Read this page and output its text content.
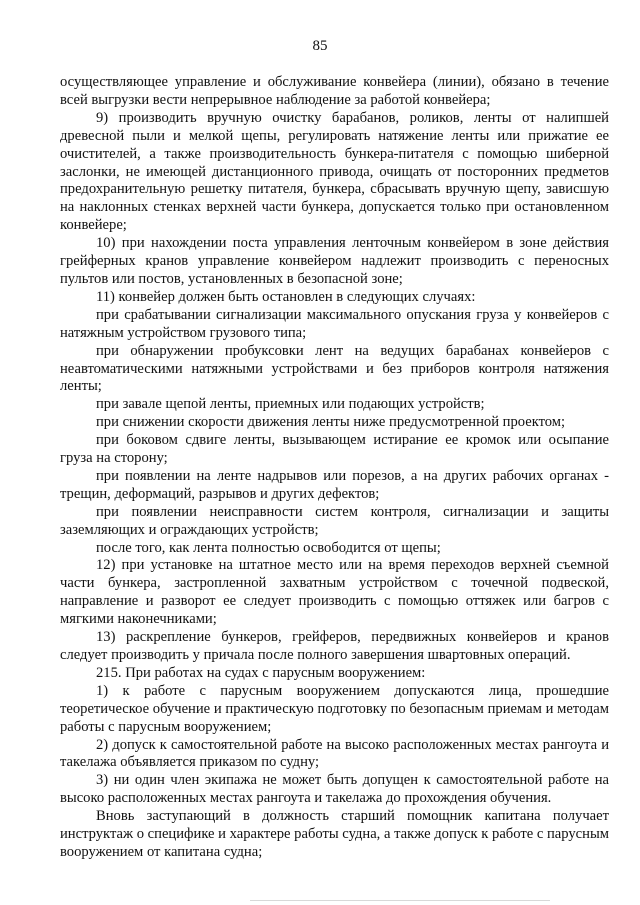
85

осуществляющее управление и обслуживание конвейера (линии), обязано в течение всей выгрузки вести непрерывное наблюдение за работой конвейера;

9) производить вручную очистку барабанов, роликов, ленты от налипшей древесной пыли и мелкой щепы, регулировать натяжение ленты или прижатие ее очистителей, а также производительность бункера-питателя с помощью шиберной заслонки, не имеющей дистанционного привода, очищать от посторонних предметов предохранительную решетку питателя, бункера, сбрасывать вручную щепу, зависшую на наклонных стенках верхней части бункера, допускается только при остановленном конвейере;

10) при нахождении поста управления ленточным конвейером в зоне действия грейферных кранов управление конвейером надлежит производить с переносных пультов или постов, установленных в безопасной зоне;

11) конвейер должен быть остановлен в следующих случаях:

при срабатывании сигнализации максимального опускания груза у конвейеров с натяжным устройством грузового типа;

при обнаружении пробуксовки лент на ведущих барабанах конвейеров с неавтоматическими натяжными устройствами и без приборов контроля натяжения ленты;

при завале щепой ленты, приемных или подающих устройств;

при снижении скорости движения ленты ниже предусмотренной проектом;

при боковом сдвиге ленты, вызывающем истирание ее кромок или осыпание груза на сторону;

при появлении на ленте надрывов или порезов, а на других рабочих органах - трещин, деформаций, разрывов и других дефектов;

при появлении неисправности систем контроля, сигнализации и защиты заземляющих и ограждающих устройств;

после того, как лента полностью освободится от щепы;

12) при установке на штатное место или на время переходов верхней съемной части бункера, застропленной захватным устройством с точечной подвеской, направление и разворот ее следует производить с помощью оттяжек или багров с мягкими наконечниками;

13) раскрепление бункеров, грейферов, передвижных конвейеров и кранов следует производить у причала после полного завершения швартовных операций.

215. При работах на судах с парусным вооружением:

1) к работе с парусным вооружением допускаются лица, прошедшие теоретическое обучение и практическую подготовку по безопасным приемам и методам работы с парусным вооружением;

2) допуск к самостоятельной работе на высоко расположенных местах рангоута и такелажа объявляется приказом по судну;

3) ни один член экипажа не может быть допущен к самостоятельной работе на высоко расположенных местах рангоута и такелажа до прохождения обучения.

Вновь заступающий в должность старший помощник капитана получает инструктаж о специфике и характере работы судна, а также допуск к работе с парусным вооружением от капитана судна;
